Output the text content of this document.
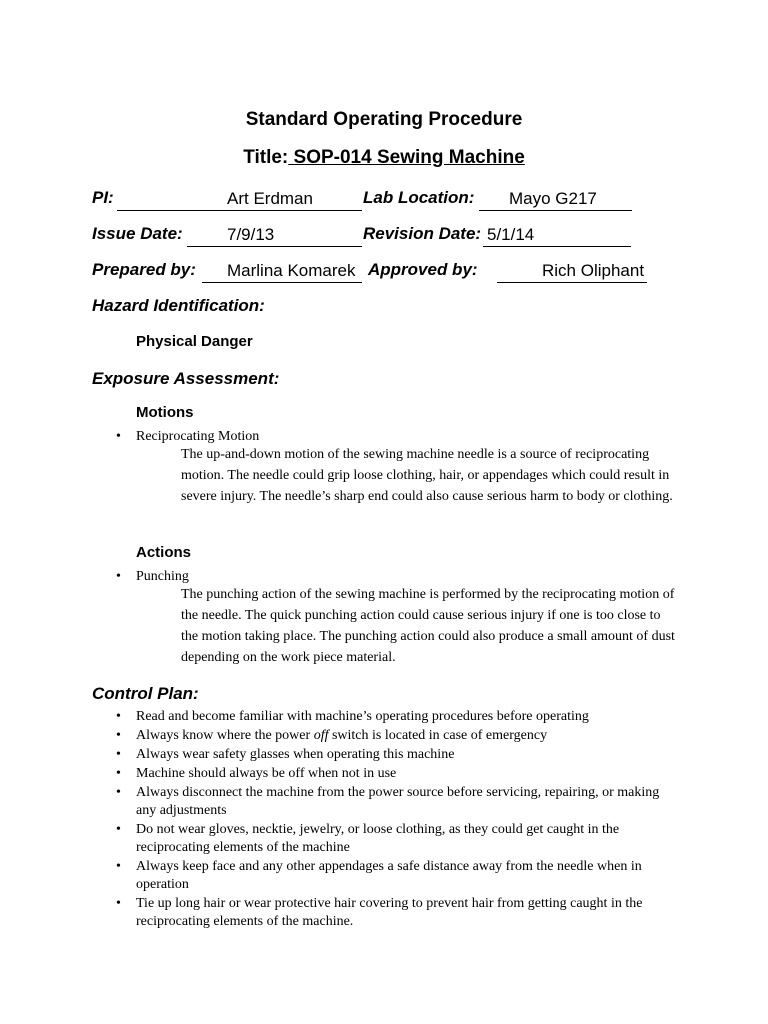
Standard Operating Procedure
Title: SOP-014 Sewing Machine
PI:	Art Erdman	Lab Location:	Mayo G217
Issue Date:	7/9/13	Revision Date: 5/1/14
Prepared by:	Marlina Komarek Approved by:	Rich Oliphant
Hazard Identification:
Physical Danger
Exposure Assessment:
Motions
• Reciprocating Motion
The up-and-down motion of the sewing machine needle is a source of reciprocating motion. The needle could grip loose clothing, hair, or appendages which could result in severe injury. The needle’s sharp end could also cause serious harm to body or clothing.
Actions
• Punching
The punching action of the sewing machine is performed by the reciprocating motion of the needle. The quick punching action could cause serious injury if one is too close to the motion taking place. The punching action could also produce a small amount of dust depending on the work piece material.
Control Plan:
• Read and become familiar with machine’s operating procedures before operating
• Always know where the power off switch is located in case of emergency
• Always wear safety glasses when operating this machine
• Machine should always be off when not in use
• Always disconnect the machine from the power source before servicing, repairing, or making any adjustments
• Do not wear gloves, necktie, jewelry, or loose clothing, as they could get caught in the reciprocating elements of the machine
• Always keep face and any other appendages a safe distance away from the needle when in operation
• Tie up long hair or wear protective hair covering to prevent hair from getting caught in the reciprocating elements of the machine.
